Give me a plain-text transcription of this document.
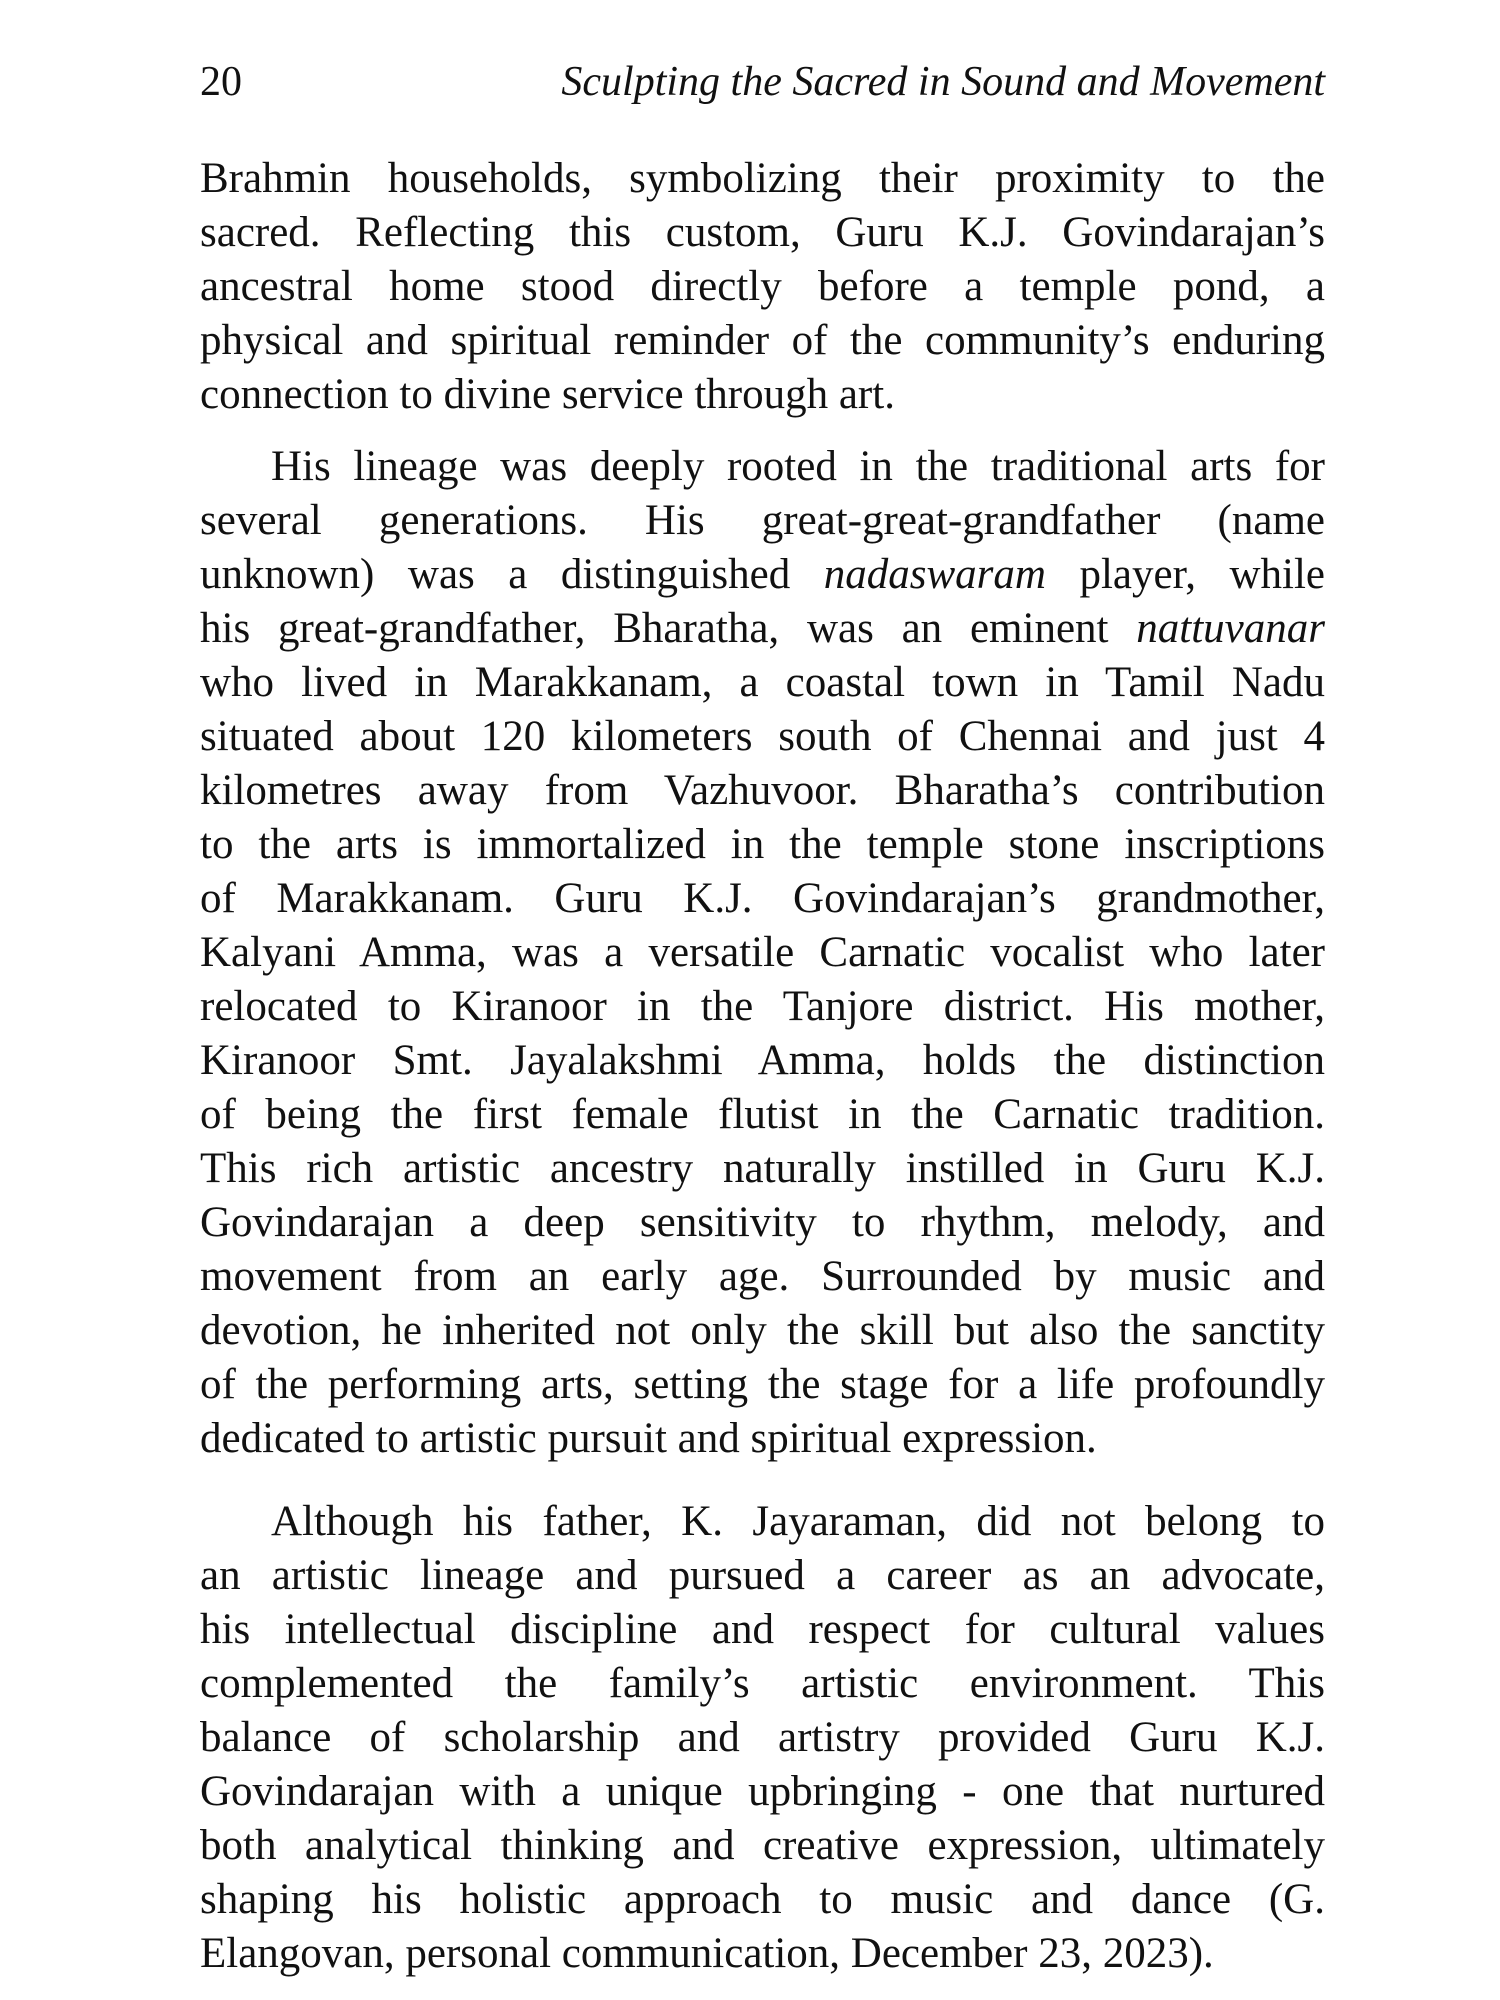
20	Sculpting the Sacred in Sound and Movement
Brahmin households, symbolizing their proximity to the
sacred. Reflecting this custom, Guru K.J. Govindarajan’s
ancestral home stood directly before a temple pond, a
physical and spiritual reminder of the community’s enduring
connection to divine service through art.
His lineage was deeply rooted in the traditional arts for
several generations. His great-great-grandfather (name
unknown) was a distinguished nadaswaram player, while
his great-grandfather, Bharatha, was an eminent nattuvanar
who lived in Marakkanam, a coastal town in Tamil Nadu
situated about 120 kilometers south of Chennai and just 4
kilometres away from Vazhuvoor. Bharatha’s contribution
to the arts is immortalized in the temple stone inscriptions
of Marakkanam. Guru K.J. Govindarajan’s grandmother,
Kalyani Amma, was a versatile Carnatic vocalist who later
relocated to Kiranoor in the Tanjore district. His mother,
Kiranoor Smt. Jayalakshmi Amma, holds the distinction
of being the first female flutist in the Carnatic tradition.
This rich artistic ancestry naturally instilled in Guru K.J.
Govindarajan a deep sensitivity to rhythm, melody, and
movement from an early age. Surrounded by music and
devotion, he inherited not only the skill but also the sanctity
of the performing arts, setting the stage for a life profoundly
dedicated to artistic pursuit and spiritual expression.
Although his father, K. Jayaraman, did not belong to
an artistic lineage and pursued a career as an advocate,
his intellectual discipline and respect for cultural values
complemented the family’s artistic environment. This
balance of scholarship and artistry provided Guru K.J.
Govindarajan with a unique upbringing - one that nurtured
both analytical thinking and creative expression, ultimately
shaping his holistic approach to music and dance (G.
Elangovan, personal communication, December 23, 2023).
